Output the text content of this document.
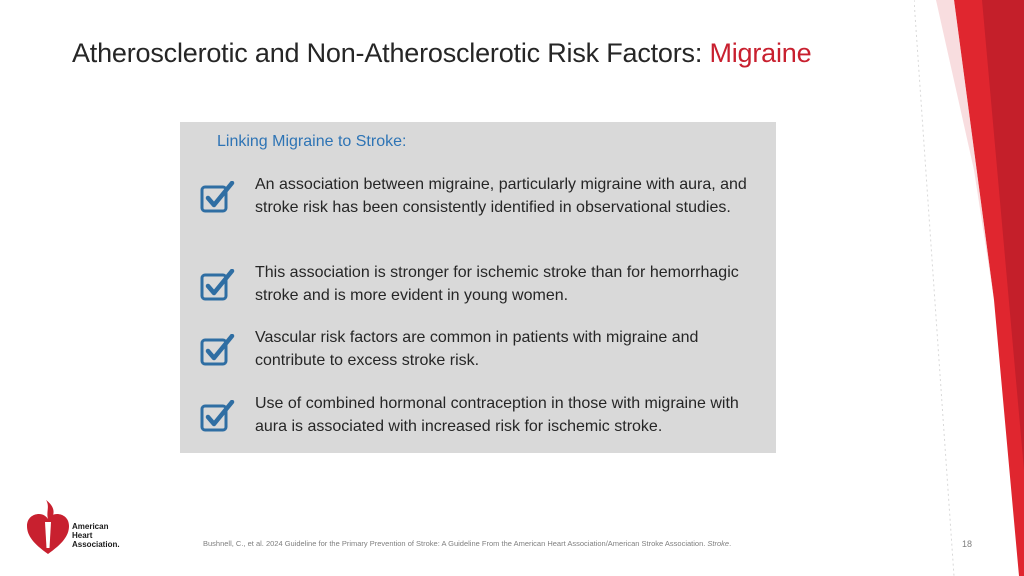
Atherosclerotic and Non-Atherosclerotic Risk Factors: Migraine
Linking Migraine to Stroke:
An association between migraine, particularly migraine with aura, and stroke risk has been consistently identified in observational studies.
This association is stronger for ischemic stroke than for hemorrhagic stroke and is more evident in young women.
Vascular risk factors are common in patients with migraine and contribute to excess stroke risk.
Use of combined hormonal contraception in those with migraine with aura is associated with increased risk for ischemic stroke.
American
Heart
Association.	Bushnell, C., et al. 2024 Guideline for the Primary Prevention of Stroke: A Guideline From the American Heart Association/American Stroke Association. Stroke.	18
